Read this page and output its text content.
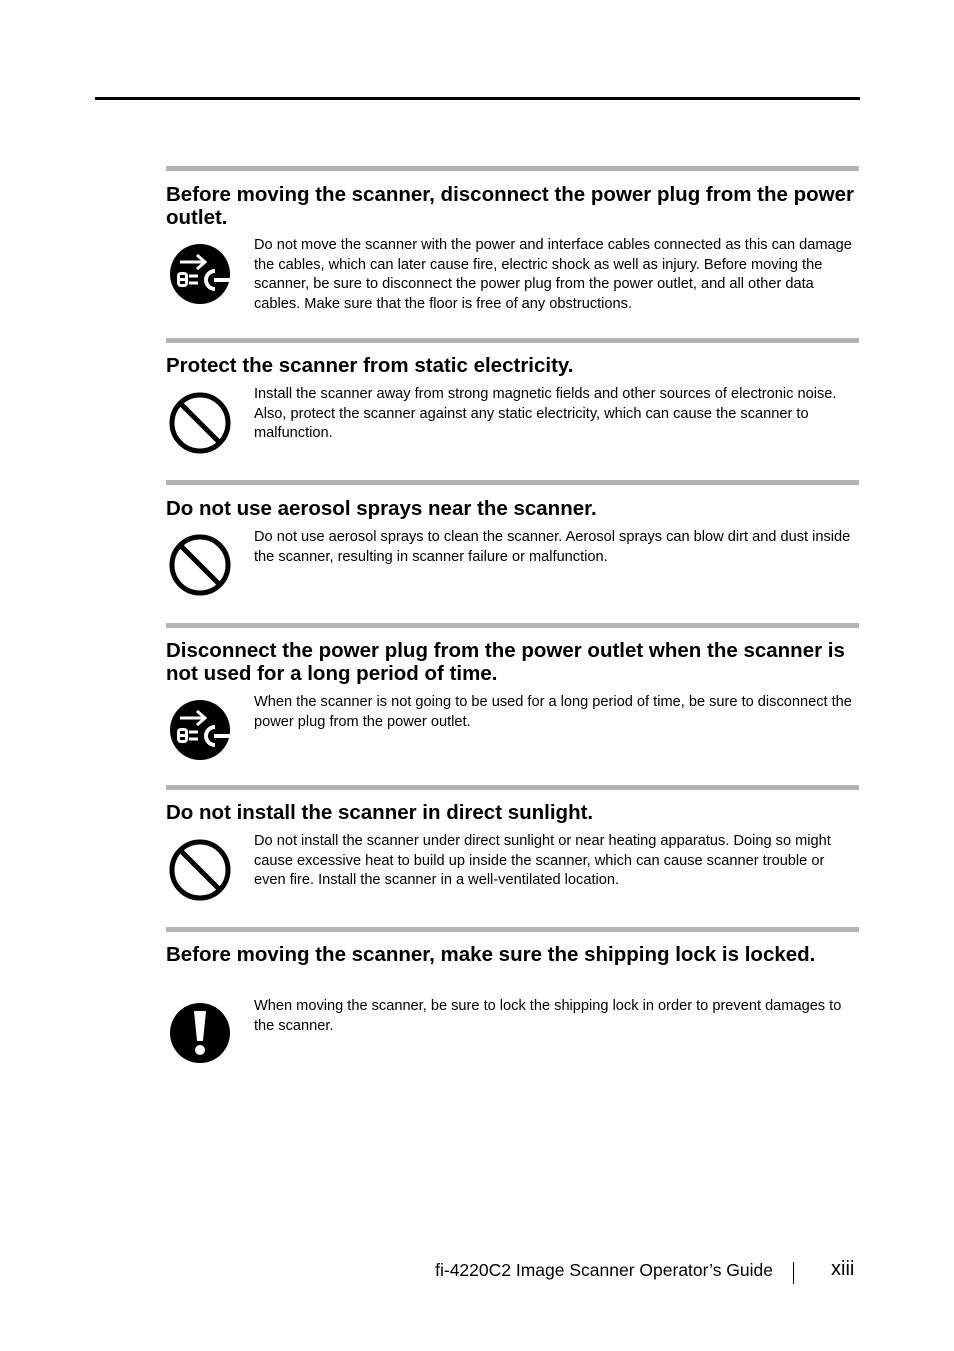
Before moving the scanner, disconnect the power plug from the power outlet.
Do not move the scanner with the power and interface cables connected as this can damage the cables, which can later cause fire, electric shock as well as injury. Before moving the scanner, be sure to disconnect the power plug from the power outlet, and all other data cables. Make sure that the floor is free of any obstructions.
Protect the scanner from static electricity.
Install the scanner away from strong magnetic fields and other sources of electronic noise. Also, protect the scanner against any static electricity, which can cause the scanner to malfunction.
Do not use aerosol sprays near the scanner.
Do not use aerosol sprays to clean the scanner. Aerosol sprays can blow dirt and dust inside the scanner, resulting in scanner failure or malfunction.
Disconnect the power plug from the power outlet when the scanner is not used for a long period of time.
When the scanner is not going to be used for a long period of time, be sure to disconnect the power plug from the power outlet.
Do not install the scanner in direct sunlight.
Do not install the scanner under direct sunlight or near heating apparatus. Doing so might cause excessive heat to build up inside the scanner, which can cause scanner trouble or even fire. Install the scanner in a well-ventilated location.
Before moving the scanner, make sure the shipping lock is locked.
When moving the scanner, be sure to lock the shipping lock in order to prevent damages to the scanner.
fi-4220C2 Image Scanner Operator’s Guide	xiii
